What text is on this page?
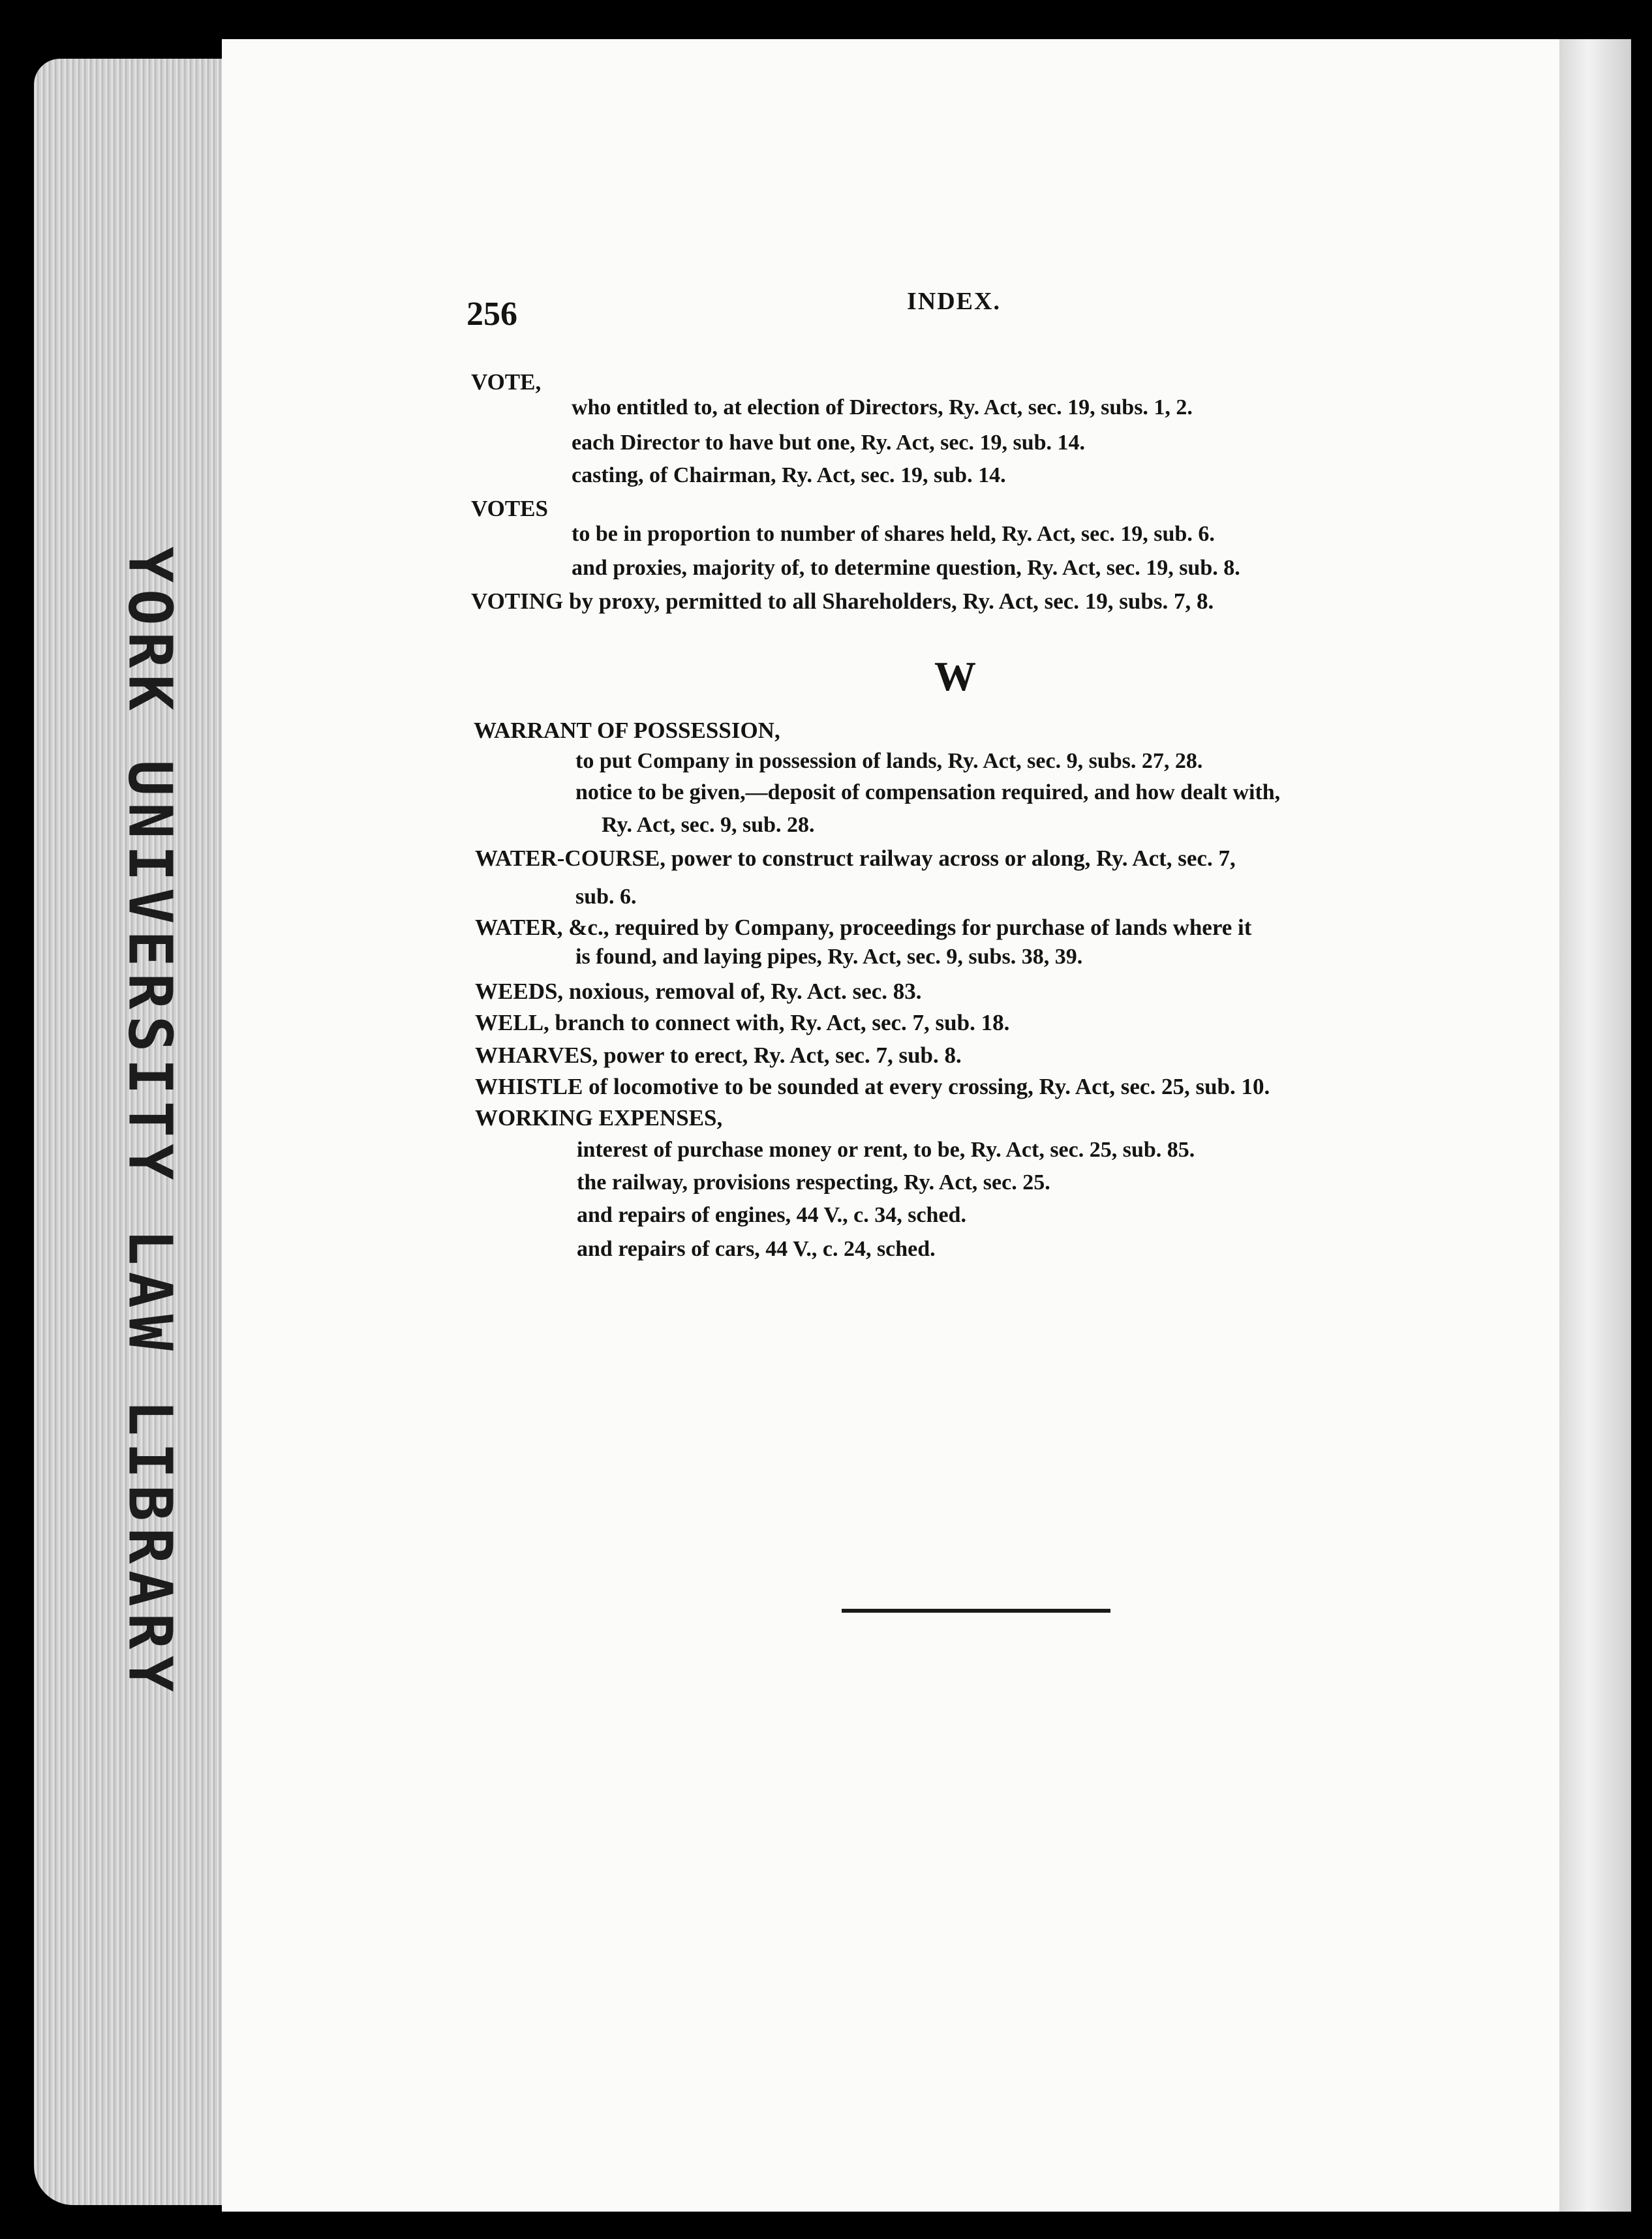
YORK UNIVERSITY LAW LIBRARY
256	INDEX.
VOTE,
who entitled to, at election of Directors, Ry. Act, sec. 19, subs. 1, 2.
each Director to have but one, Ry. Act, sec. 19, sub. 14.
casting, of Chairman, Ry. Act, sec. 19, sub. 14.
VOTES
to be in proportion to number of shares held, Ry. Act, sec. 19, sub. 6.
and proxies, majority of, to determine question, Ry. Act, sec. 19, sub. 8.
VOTING by proxy, permitted to all Shareholders, Ry. Act, sec. 19, subs. 7, 8.
W
WARRANT OF POSSESSION,
to put Company in possession of lands, Ry. Act, sec. 9, subs. 27, 28.
notice to be given,—deposit of compensation required, and how dealt with,
Ry. Act, sec. 9, sub. 28.
WATER-COURSE, power to construct railway across or along, Ry. Act, sec. 7,
sub. 6.
WATER, &c., required by Company, proceedings for purchase of lands where it
is found, and laying pipes, Ry. Act, sec. 9, subs. 38, 39.
WEEDS, noxious, removal of, Ry. Act. sec. 83.
WELL, branch to connect with, Ry. Act, sec. 7, sub. 18.
WHARVES, power to erect, Ry. Act, sec. 7, sub. 8.
WHISTLE of locomotive to be sounded at every crossing, Ry. Act, sec. 25, sub. 10.
WORKING EXPENSES,
interest of purchase money or rent, to be, Ry. Act, sec. 25, sub. 85.
the railway, provisions respecting, Ry. Act, sec. 25.
and repairs of engines, 44 V., c. 34, sched.
and repairs of cars, 44 V., c. 24, sched.
